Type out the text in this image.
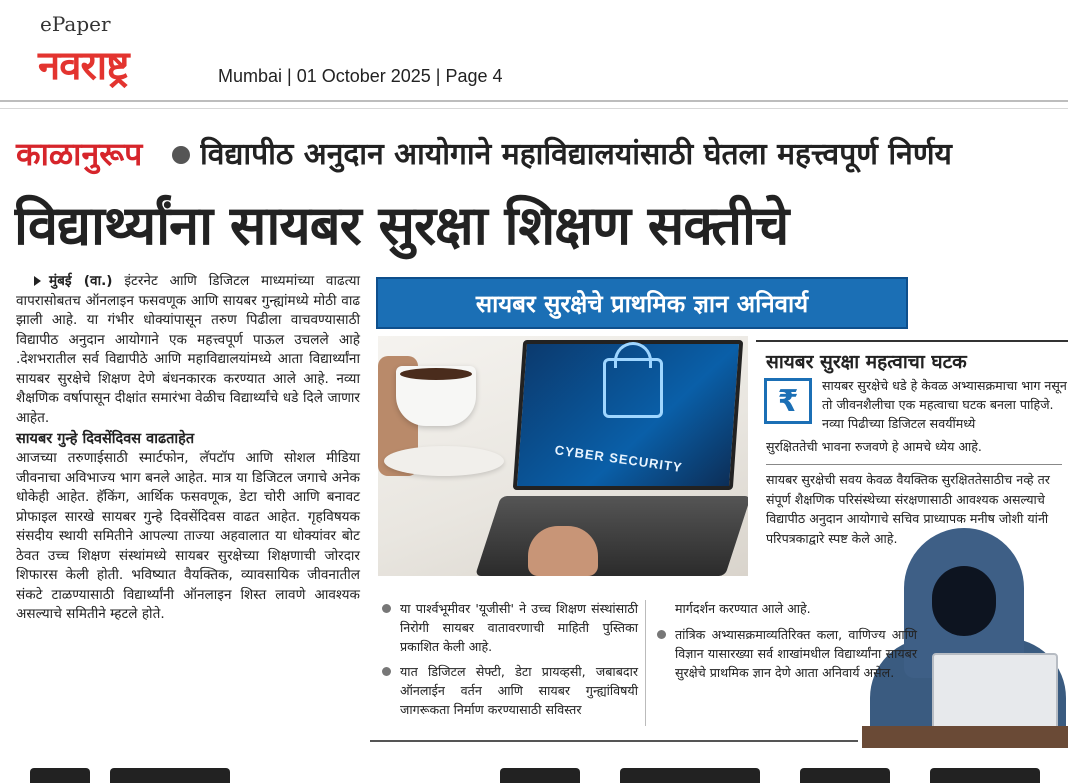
ePaper
नवराष्ट्र	Mumbai | 01 October 2025 | Page 4
काळानुरूप विद्यापीठ अनुदान आयोगाने महाविद्यालयांसाठी घेतला महत्त्वपूर्ण निर्णय
विद्यार्थ्यांना सायबर सुरक्षा शिक्षण सक्तीचे

मुंबई (वा.) इंटरनेट आणि डिजिटल माध्यमांच्या वाढत्या वापरासोबतच ऑनलाइन फसवणूक आणि सायबर गुन्ह्यांमध्ये मोठी वाढ झाली आहे. या गंभीर धोक्यांपासून तरुण पिढीला वाचवण्यासाठी विद्यापीठ अनुदान आयोगाने एक महत्त्वपूर्ण पाऊल उचलले आहे .देशभरातील सर्व विद्यापीठे आणि महाविद्यालयांमध्ये आता विद्यार्थ्यांना सायबर सुरक्षेचे शिक्षण देणे बंधनकारक करण्यात आले आहे. नव्या शैक्षणिक वर्षापासून दीक्षांत समारंभा वेळीच विद्यार्थ्यांचे धडे दिले जाणार आहेत.

सायबर गुन्हे दिवसेंदिवस वाढताहेत

आजच्या तरुणाईसाठी स्मार्टफोन, लॅपटॉप आणि सोशल मीडिया जीवनाचा अविभाज्य भाग बनले आहेत. मात्र या डिजिटल जगाचे अनेक धोकेही आहेत. हॅकिंग, आर्थिक फसवणूक, डेटा चोरी आणि बनावट प्रोफाइल सारखे सायबर गुन्हे दिवसेंदिवस वाढत आहेत. गृहविषयक संसदीय स्थायी समितीने आपल्या ताज्या अहवालात या धोक्यांवर बोट ठेवत उच्च शिक्षण संस्थांमध्ये सायबर सुरक्षेच्या शिक्षणाची जोरदार शिफारस केली होती. भविष्यात वैयक्तिक, व्यावसायिक जीवनातील संकटे टाळण्यासाठी विद्यार्थ्यांनी ऑनलाइन शिस्त लावणे आवश्यक असल्याचे समितीने म्हटले होते.

सायबर सुरक्षेचे प्राथमिक ज्ञान अनिवार्य
CYBER SECURITY
सायबर सुरक्षा महत्वाचा घटक
₹	सायबर सुरक्षेचे धडे हे केवळ अभ्यासक्रमाचा भाग नसून तो जीवनशैलीचा एक महत्वाचा घटक बनला पाहिजे. नव्या पिढीच्या डिजिटल सवयींमध्ये
सुरक्षिततेची भावना रुजवणे हे आमचे ध्येय आहे.
सायबर सुरक्षेची सवय केवळ वैयक्तिक सुरक्षिततेसाठीच नव्हे तर संपूर्ण शैक्षणिक परिसंस्थेच्या संरक्षणासाठी आवश्यक असल्याचे विद्यापीठ अनुदान आयोगाचे सचिव प्राध्यापक मनीष जोशी यांनी परिपत्रकाद्वारे स्पष्ट केले आहे.
या पार्श्वभूमीवर 'यूजीसी' ने उच्च शिक्षण संस्थांसाठी निरोगी सायबर वातावरणाची माहिती पुस्तिका प्रकाशित केली आहे.
यात डिजिटल सेफ्टी, डेटा प्रायव्हसी, जबाबदार ऑनलाईन वर्तन आणि सायबर गुन्ह्यांविषयी जागरूकता निर्माण करण्यासाठी सविस्तर
मार्गदर्शन करण्यात आले आहे.
तांत्रिक अभ्यासक्रमाव्यतिरिक्त कला, वाणिज्य आणि विज्ञान यासारख्या सर्व शाखांमधील विद्यार्थ्यांना सायबर सुरक्षेचे प्राथमिक ज्ञान देणे आता अनिवार्य असेल.
